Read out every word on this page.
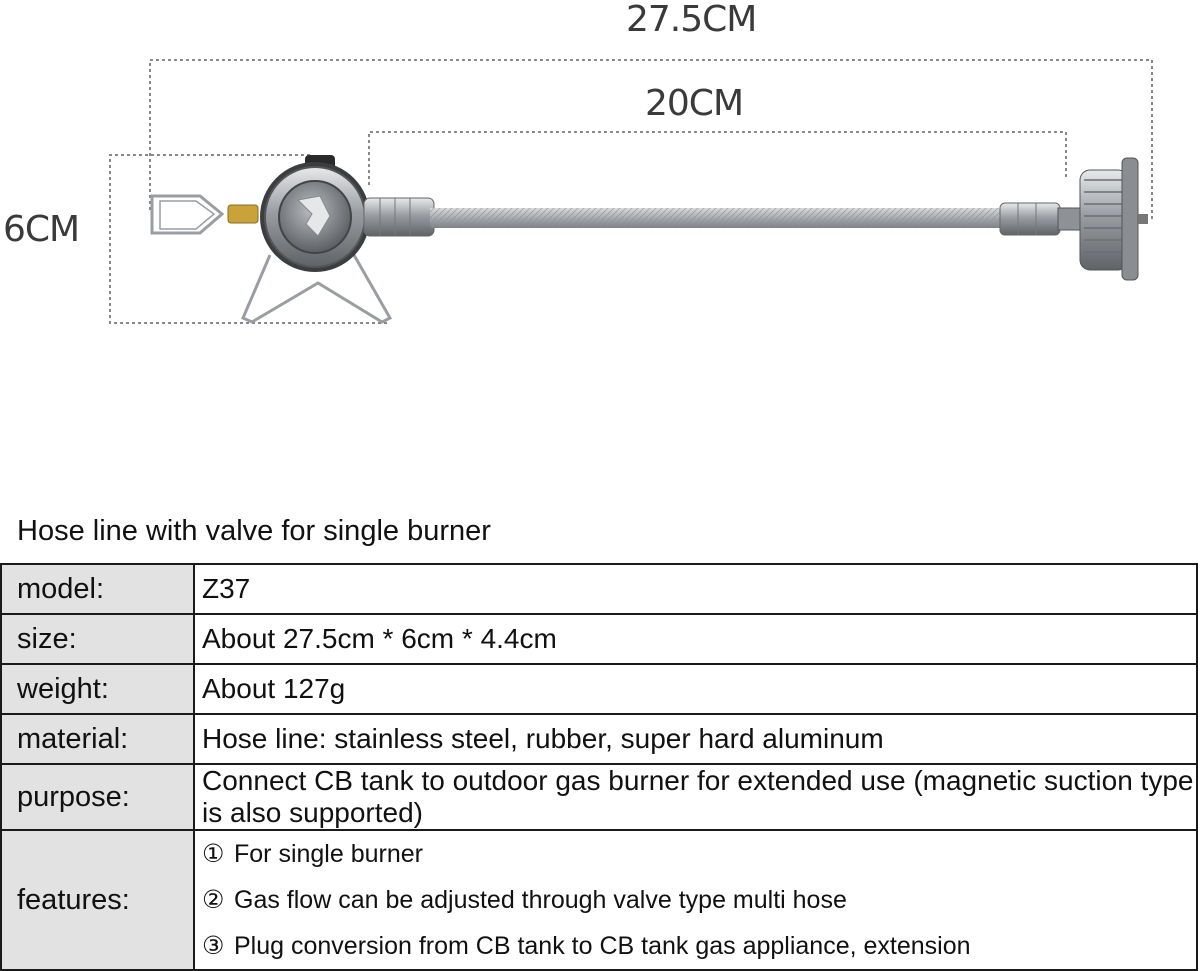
27.5CM
20CM
6CM
Hose line with valve for single burner
model:	Z37
size:	About 27.5cm * 6cm * 4.4cm
weight:	About 127g
material:	Hose line: stainless steel, rubber, super hard aluminum
purpose:	Connect CB tank to outdoor gas burner for extended use (magnetic suction type is also supported)
features:	① For single burner
② Gas flow can be adjusted through valve type multi hose
③ Plug conversion from CB tank to CB tank gas appliance, extension
